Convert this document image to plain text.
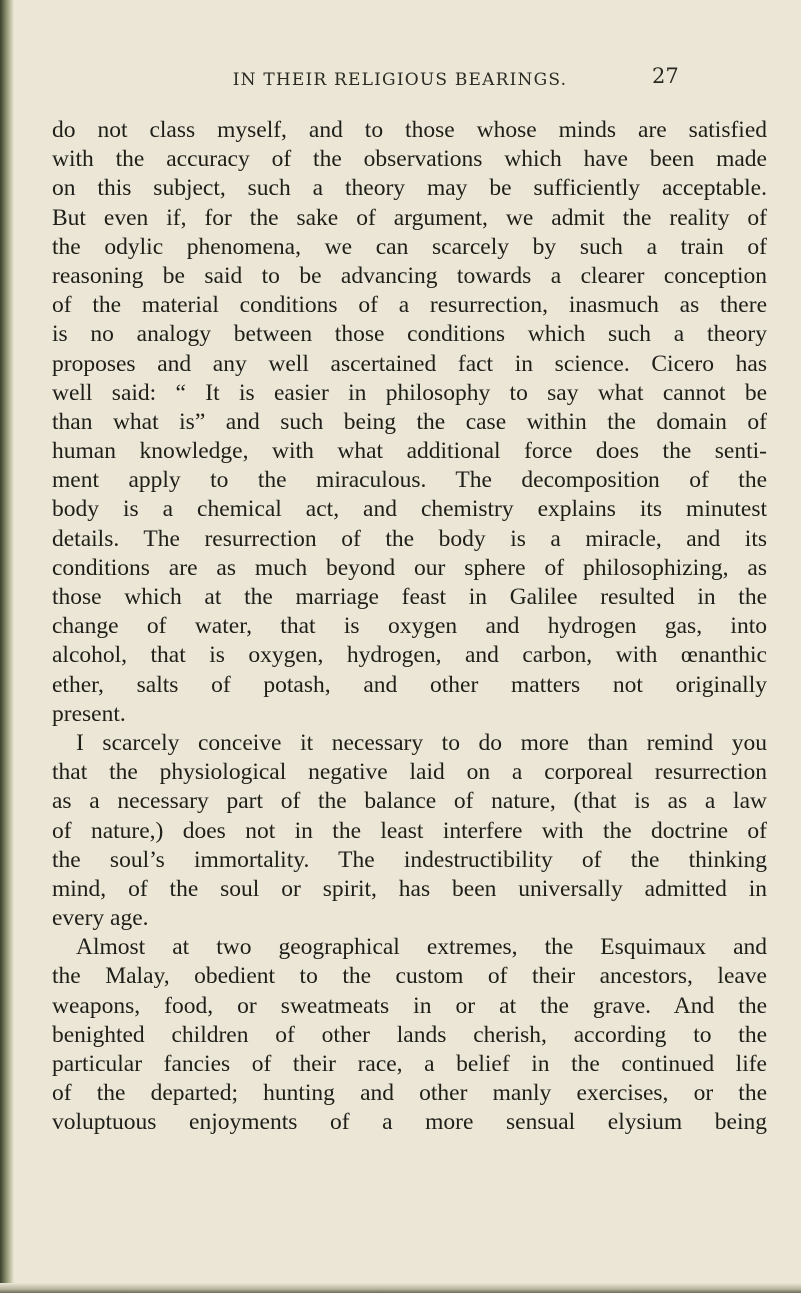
IN THEIR RELIGIOUS BEARINGS.	27
do not class myself, and to those whose minds are satisfied
with the accuracy of the observations which have been made
on this subject, such a theory may be sufficiently acceptable.
But even if, for the sake of argument, we admit the reality of
the odylic phenomena, we can scarcely by such a train of
reasoning be said to be advancing towards a clearer conception
of the material conditions of a resurrection, inasmuch as there
is no analogy between those conditions which such a theory
proposes and any well ascertained fact in science. Cicero has
well said: “ It is easier in philosophy to say what cannot be
than what is” and such being the case within the domain of
human knowledge, with what additional force does the senti-
ment apply to the miraculous. The decomposition of the
body is a chemical act, and chemistry explains its minutest
details. The resurrection of the body is a miracle, and its
conditions are as much beyond our sphere of philosophizing, as
those which at the marriage feast in Galilee resulted in the
change of water, that is oxygen and hydrogen gas, into
alcohol, that is oxygen, hydrogen, and carbon, with œnanthic
ether, salts of potash, and other matters not originally
present.
I scarcely conceive it necessary to do more than remind you
that the physiological negative laid on a corporeal resurrection
as a necessary part of the balance of nature, (that is as a law
of nature,) does not in the least interfere with the doctrine of
the soul’s immortality. The indestructibility of the thinking
mind, of the soul or spirit, has been universally admitted in
every age.
Almost at two geographical extremes, the Esquimaux and
the Malay, obedient to the custom of their ancestors, leave
weapons, food, or sweatmeats in or at the grave. And the
benighted children of other lands cherish, according to the
particular fancies of their race, a belief in the continued life
of the departed; hunting and other manly exercises, or the
voluptuous enjoyments of a more sensual elysium being
